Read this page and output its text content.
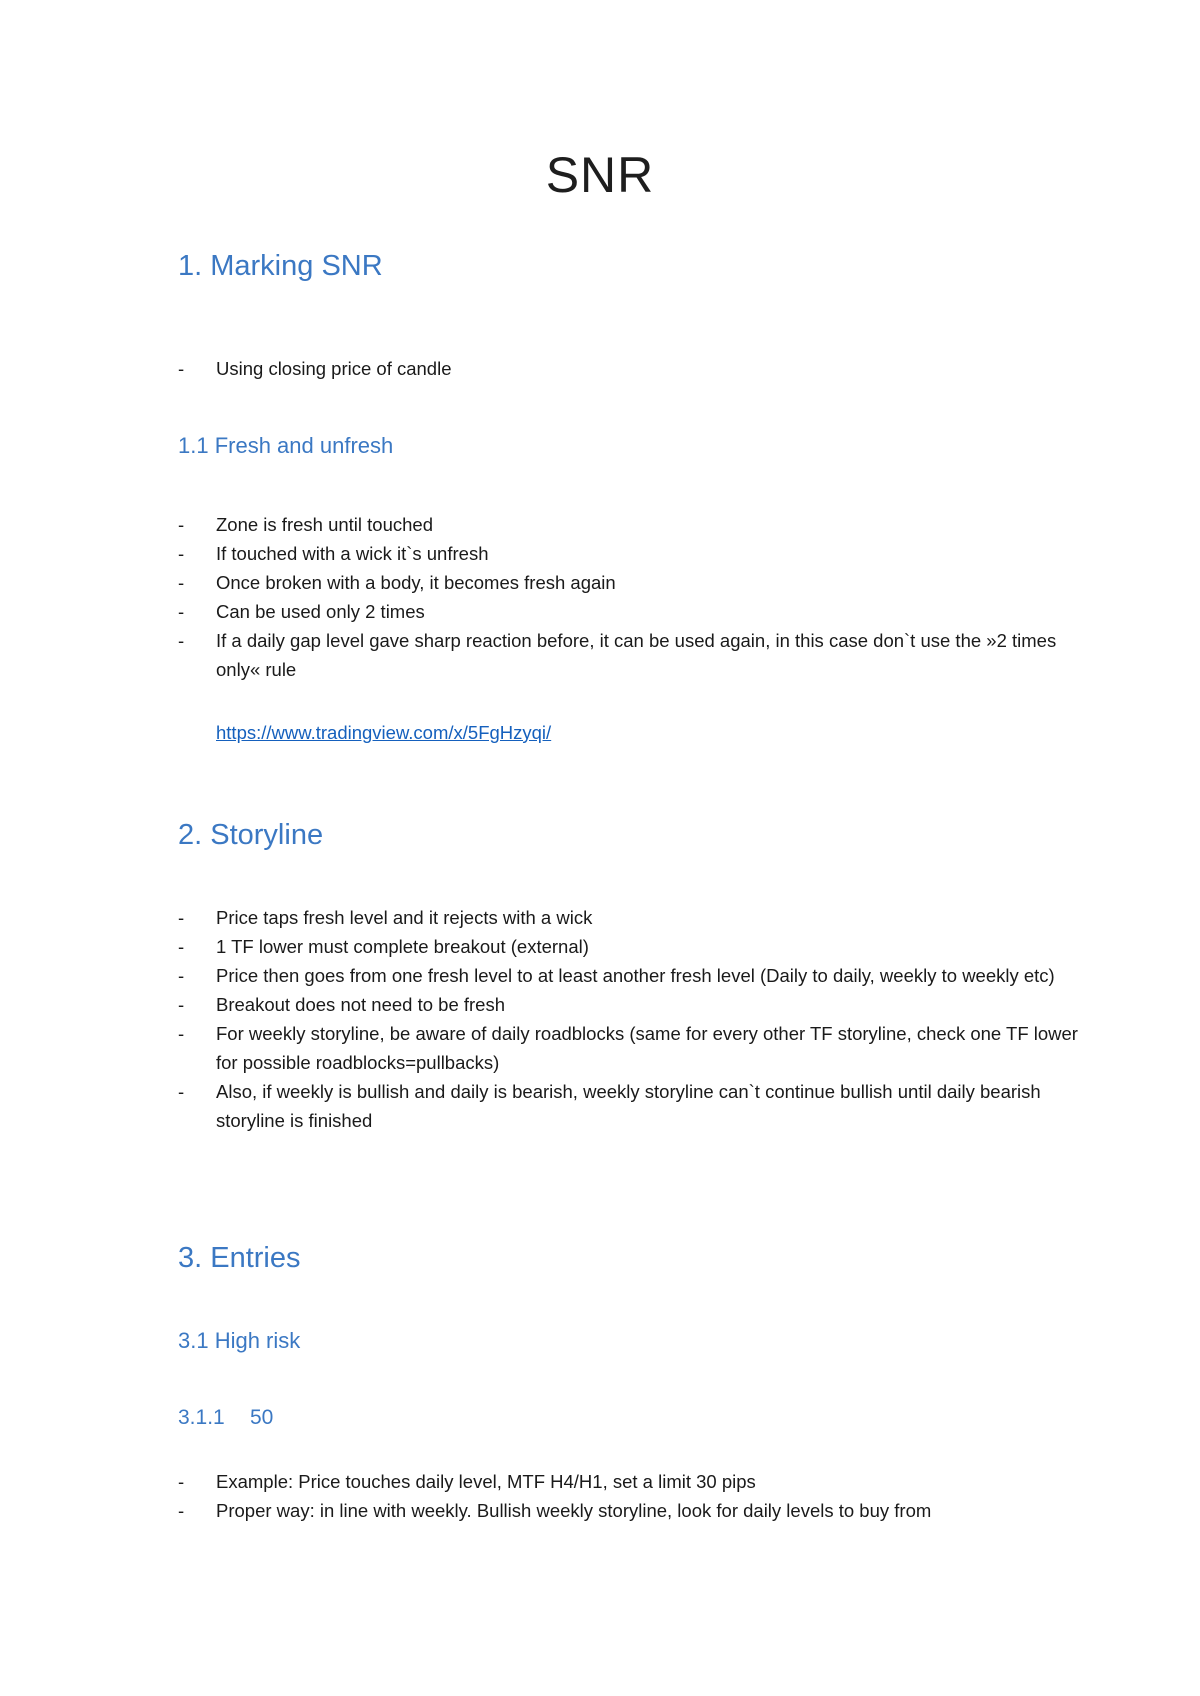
SNR
1. Marking SNR
- Using closing price of candle
1.1 Fresh and unfresh
- Zone is fresh until touched
- If touched with a wick it`s unfresh
- Once broken with a body, it becomes fresh again
- Can be used only 2 times
- If a daily gap level gave sharp reaction before, it can be used again, in this case don`t use the »2 times only« rule
https://www.tradingview.com/x/5FgHzyqi/
2. Storyline
- Price taps fresh level and it rejects with a wick
- 1 TF lower must complete breakout (external)
- Price then goes from one fresh level to at least another fresh level (Daily to daily, weekly to weekly etc)
- Breakout does not need to be fresh
- For weekly storyline, be aware of daily roadblocks (same for every other TF storyline, check one TF lower for possible roadblocks=pullbacks)
- Also, if weekly is bullish and daily is bearish, weekly storyline can`t continue bullish until daily bearish storyline is finished
3. Entries
3.1 High risk
3.1.1 50
- Example: Price touches daily level, MTF H4/H1, set a limit 30 pips
- Proper way: in line with weekly. Bullish weekly storyline, look for daily levels to buy from
